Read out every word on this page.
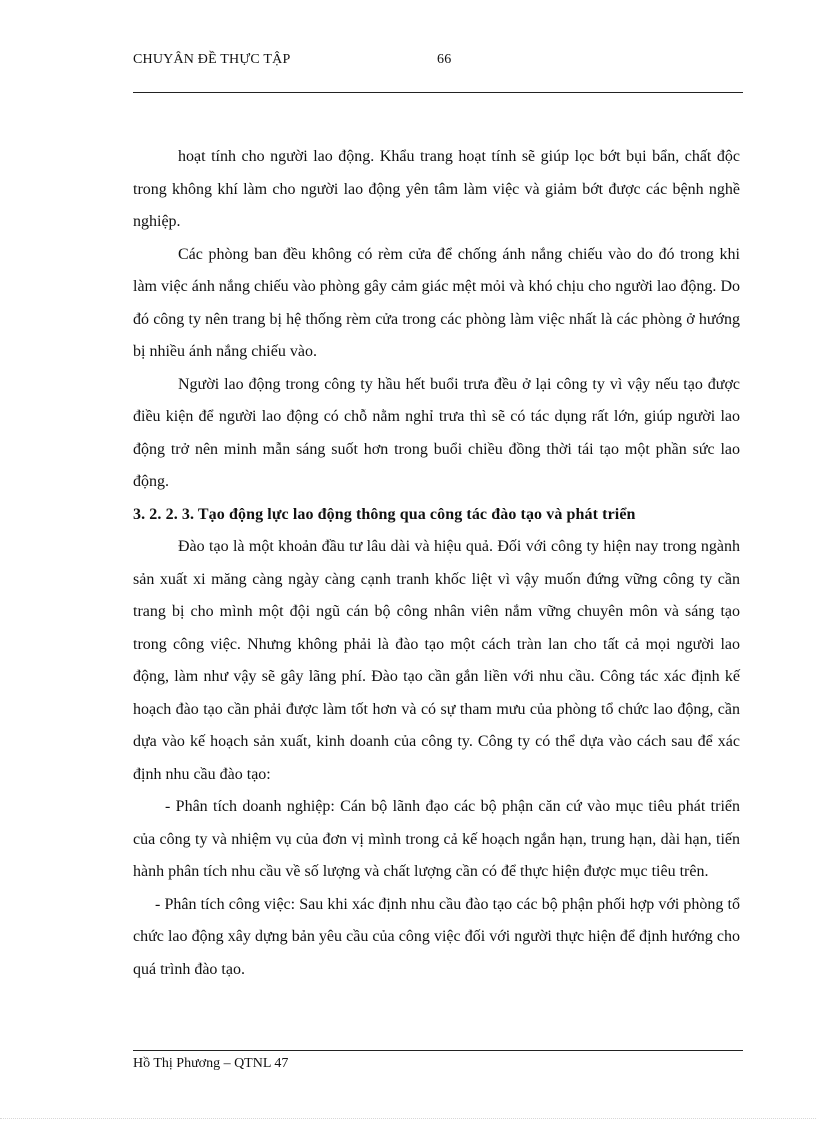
CHUYÂN ĐỀ THỰC TẬP	66

hoạt tính cho người lao động. Khẩu trang hoạt tính sẽ giúp lọc bớt bụi bẩn, chất độc trong không khí làm cho người lao động yên tâm làm việc và giảm bớt được các bệnh nghề nghiệp.

Các phòng ban đều không có rèm cửa để chống ánh nắng chiếu vào do đó trong khi làm việc ánh nắng chiếu vào phòng gây cảm giác mệt mỏi và khó chịu cho người lao động. Do đó công ty nên trang bị hệ thống rèm cửa trong các phòng làm việc nhất là các phòng ở hướng bị nhiều ánh nắng chiếu vào.

Người lao động trong công ty hầu hết buổi trưa đều ở lại công ty vì vậy nếu tạo được điều kiện để người lao động có chỗ nằm nghỉ trưa thì sẽ có tác dụng rất lớn, giúp người lao động trở nên minh mẫn sáng suốt hơn trong buổi chiều đồng thời tái tạo một phần sức lao động.

3. 2. 2. 3. Tạo động lực lao động thông qua công tác đào tạo và phát triển

Đào tạo là một khoản đầu tư lâu dài và hiệu quả. Đối với công ty hiện nay trong ngành sản xuất xi măng càng ngày càng cạnh tranh khốc liệt vì vậy muốn đứng vững công ty cần trang bị cho mình một đội ngũ cán bộ công nhân viên nắm vững chuyên môn và sáng tạo trong công việc. Nhưng không phải là đào tạo một cách tràn lan cho tất cả mọi người lao động, làm như vậy sẽ gây lãng phí. Đào tạo cần gắn liền với nhu cầu. Công tác xác định kế hoạch đào tạo cần phải được làm tốt hơn và có sự tham mưu của phòng tổ chức lao động, cần dựa vào kế hoạch sản xuất, kinh doanh của công ty. Công ty có thể dựa vào cách sau để xác định nhu cầu đào tạo:

- Phân tích doanh nghiệp: Cán bộ lãnh đạo các bộ phận căn cứ vào mục tiêu phát triển của công ty và nhiệm vụ của đơn vị mình trong cả kế hoạch ngắn hạn, trung hạn, dài hạn, tiến hành phân tích nhu cầu về số lượng và chất lượng cần có để thực hiện được mục tiêu trên.

- Phân tích công việc: Sau khi xác định nhu cầu đào tạo các bộ phận phối hợp với phòng tổ chức lao động xây dựng bản yêu cầu của công việc đối với người thực hiện để định hướng cho quá trình đào tạo.

Hồ Thị Phương – QTNL 47
